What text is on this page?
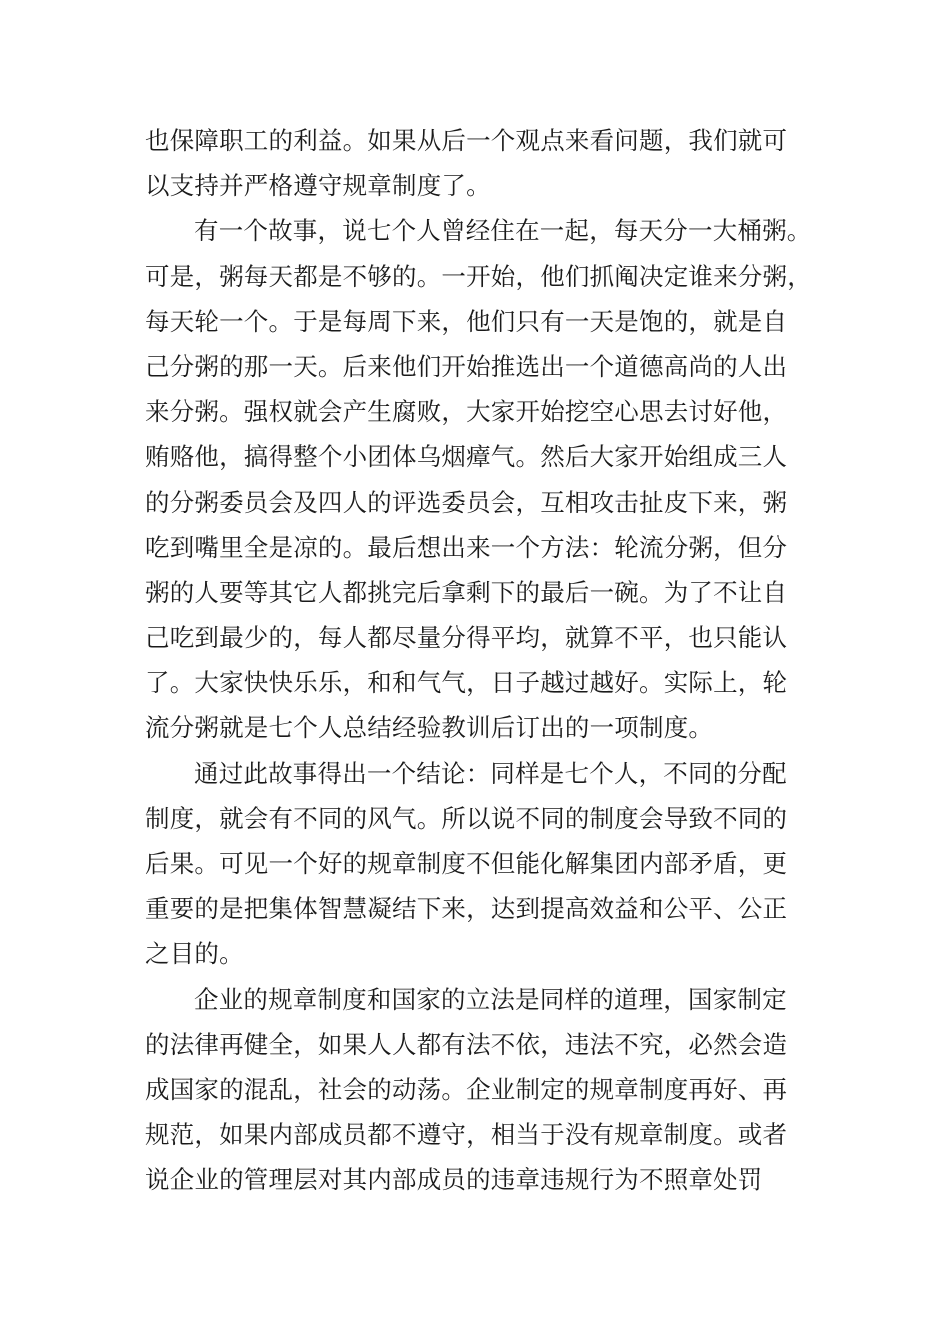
也保障职工的利益。如果从后一个观点来看问题，我们就可
以支持并严格遵守规章制度了。

有一个故事，说七个人曾经住在一起，每天分一大桶粥。
可是，粥每天都是不够的。一开始，他们抓阄决定谁来分粥，
每天轮一个。于是每周下来，他们只有一天是饱的，就是自
己分粥的那一天。后来他们开始推选出一个道德高尚的人出
来分粥。强权就会产生腐败，大家开始挖空心思去讨好他，
贿赂他，搞得整个小团体乌烟瘴气。然后大家开始组成三人
的分粥委员会及四人的评选委员会，互相攻击扯皮下来，粥
吃到嘴里全是凉的。最后想出来一个方法：轮流分粥，但分
粥的人要等其它人都挑完后拿剩下的最后一碗。为了不让自
己吃到最少的，每人都尽量分得平均，就算不平，也只能认
了。大家快快乐乐，和和气气，日子越过越好。实际上，轮
流分粥就是七个人总结经验教训后订出的一项制度。

通过此故事得出一个结论：同样是七个人，不同的分配
制度，就会有不同的风气。所以说不同的制度会导致不同的
后果。可见一个好的规章制度不但能化解集团内部矛盾，更
重要的是把集体智慧凝结下来，达到提高效益和公平、公正
之目的。

企业的规章制度和国家的立法是同样的道理，国家制定
的法律再健全，如果人人都有法不依，违法不究，必然会造
成国家的混乱，社会的动荡。企业制定的规章制度再好、再
规范，如果内部成员都不遵守，相当于没有规章制度。或者
说企业的管理层对其内部成员的违章违规行为不照章处罚
